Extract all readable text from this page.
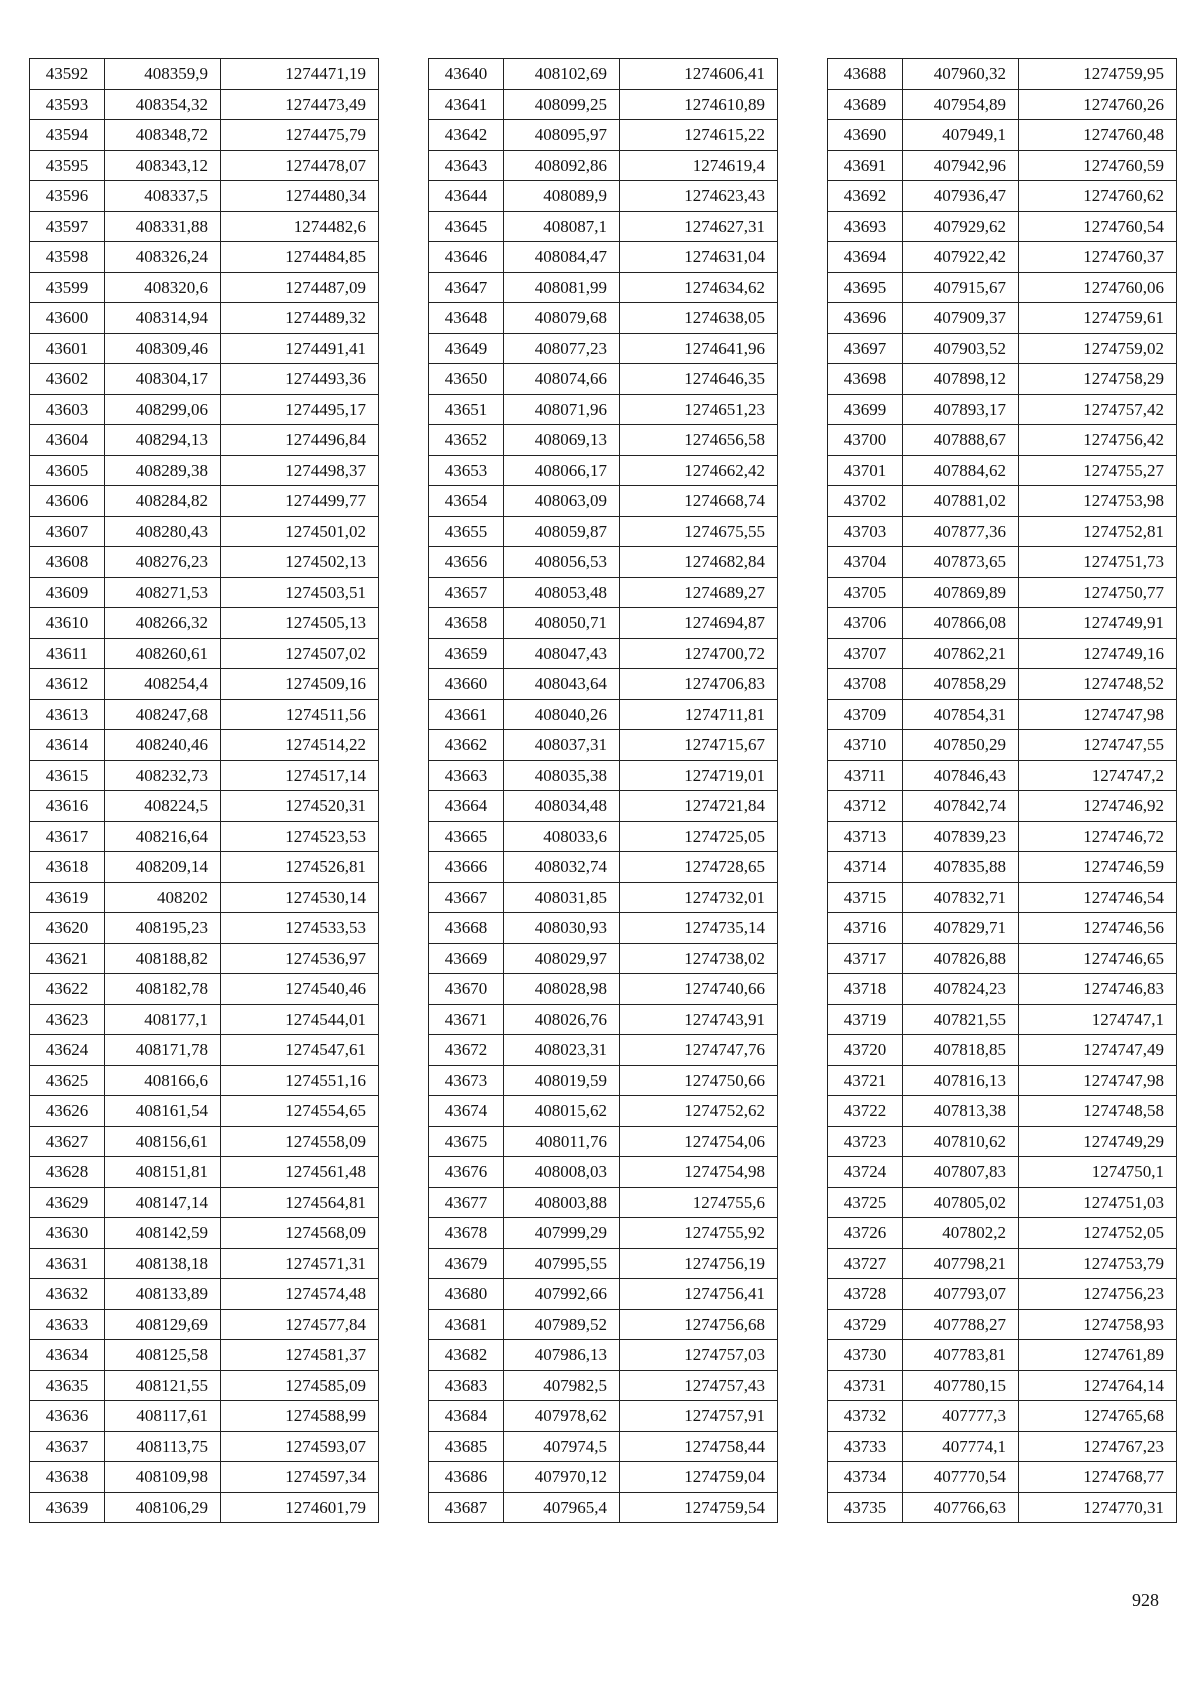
43592	408359,9	1274471,19
43593	408354,32	1274473,49
43594	408348,72	1274475,79
43595	408343,12	1274478,07
43596	408337,5	1274480,34
43597	408331,88	1274482,6
43598	408326,24	1274484,85
43599	408320,6	1274487,09
43600	408314,94	1274489,32
43601	408309,46	1274491,41
43602	408304,17	1274493,36
43603	408299,06	1274495,17
43604	408294,13	1274496,84
43605	408289,38	1274498,37
43606	408284,82	1274499,77
43607	408280,43	1274501,02
43608	408276,23	1274502,13
43609	408271,53	1274503,51
43610	408266,32	1274505,13
43611	408260,61	1274507,02
43612	408254,4	1274509,16
43613	408247,68	1274511,56
43614	408240,46	1274514,22
43615	408232,73	1274517,14
43616	408224,5	1274520,31
43617	408216,64	1274523,53
43618	408209,14	1274526,81
43619	408202	1274530,14
43620	408195,23	1274533,53
43621	408188,82	1274536,97
43622	408182,78	1274540,46
43623	408177,1	1274544,01
43624	408171,78	1274547,61
43625	408166,6	1274551,16
43626	408161,54	1274554,65
43627	408156,61	1274558,09
43628	408151,81	1274561,48
43629	408147,14	1274564,81
43630	408142,59	1274568,09
43631	408138,18	1274571,31
43632	408133,89	1274574,48
43633	408129,69	1274577,84
43634	408125,58	1274581,37
43635	408121,55	1274585,09
43636	408117,61	1274588,99
43637	408113,75	1274593,07
43638	408109,98	1274597,34
43639	408106,29	1274601,79
43640	408102,69	1274606,41
43641	408099,25	1274610,89
43642	408095,97	1274615,22
43643	408092,86	1274619,4
43644	408089,9	1274623,43
43645	408087,1	1274627,31
43646	408084,47	1274631,04
43647	408081,99	1274634,62
43648	408079,68	1274638,05
43649	408077,23	1274641,96
43650	408074,66	1274646,35
43651	408071,96	1274651,23
43652	408069,13	1274656,58
43653	408066,17	1274662,42
43654	408063,09	1274668,74
43655	408059,87	1274675,55
43656	408056,53	1274682,84
43657	408053,48	1274689,27
43658	408050,71	1274694,87
43659	408047,43	1274700,72
43660	408043,64	1274706,83
43661	408040,26	1274711,81
43662	408037,31	1274715,67
43663	408035,38	1274719,01
43664	408034,48	1274721,84
43665	408033,6	1274725,05
43666	408032,74	1274728,65
43667	408031,85	1274732,01
43668	408030,93	1274735,14
43669	408029,97	1274738,02
43670	408028,98	1274740,66
43671	408026,76	1274743,91
43672	408023,31	1274747,76
43673	408019,59	1274750,66
43674	408015,62	1274752,62
43675	408011,76	1274754,06
43676	408008,03	1274754,98
43677	408003,88	1274755,6
43678	407999,29	1274755,92
43679	407995,55	1274756,19
43680	407992,66	1274756,41
43681	407989,52	1274756,68
43682	407986,13	1274757,03
43683	407982,5	1274757,43
43684	407978,62	1274757,91
43685	407974,5	1274758,44
43686	407970,12	1274759,04
43687	407965,4	1274759,54
43688	407960,32	1274759,95
43689	407954,89	1274760,26
43690	407949,1	1274760,48
43691	407942,96	1274760,59
43692	407936,47	1274760,62
43693	407929,62	1274760,54
43694	407922,42	1274760,37
43695	407915,67	1274760,06
43696	407909,37	1274759,61
43697	407903,52	1274759,02
43698	407898,12	1274758,29
43699	407893,17	1274757,42
43700	407888,67	1274756,42
43701	407884,62	1274755,27
43702	407881,02	1274753,98
43703	407877,36	1274752,81
43704	407873,65	1274751,73
43705	407869,89	1274750,77
43706	407866,08	1274749,91
43707	407862,21	1274749,16
43708	407858,29	1274748,52
43709	407854,31	1274747,98
43710	407850,29	1274747,55
43711	407846,43	1274747,2
43712	407842,74	1274746,92
43713	407839,23	1274746,72
43714	407835,88	1274746,59
43715	407832,71	1274746,54
43716	407829,71	1274746,56
43717	407826,88	1274746,65
43718	407824,23	1274746,83
43719	407821,55	1274747,1
43720	407818,85	1274747,49
43721	407816,13	1274747,98
43722	407813,38	1274748,58
43723	407810,62	1274749,29
43724	407807,83	1274750,1
43725	407805,02	1274751,03
43726	407802,2	1274752,05
43727	407798,21	1274753,79
43728	407793,07	1274756,23
43729	407788,27	1274758,93
43730	407783,81	1274761,89
43731	407780,15	1274764,14
43732	407777,3	1274765,68
43733	407774,1	1274767,23
43734	407770,54	1274768,77
43735	407766,63	1274770,31
928
